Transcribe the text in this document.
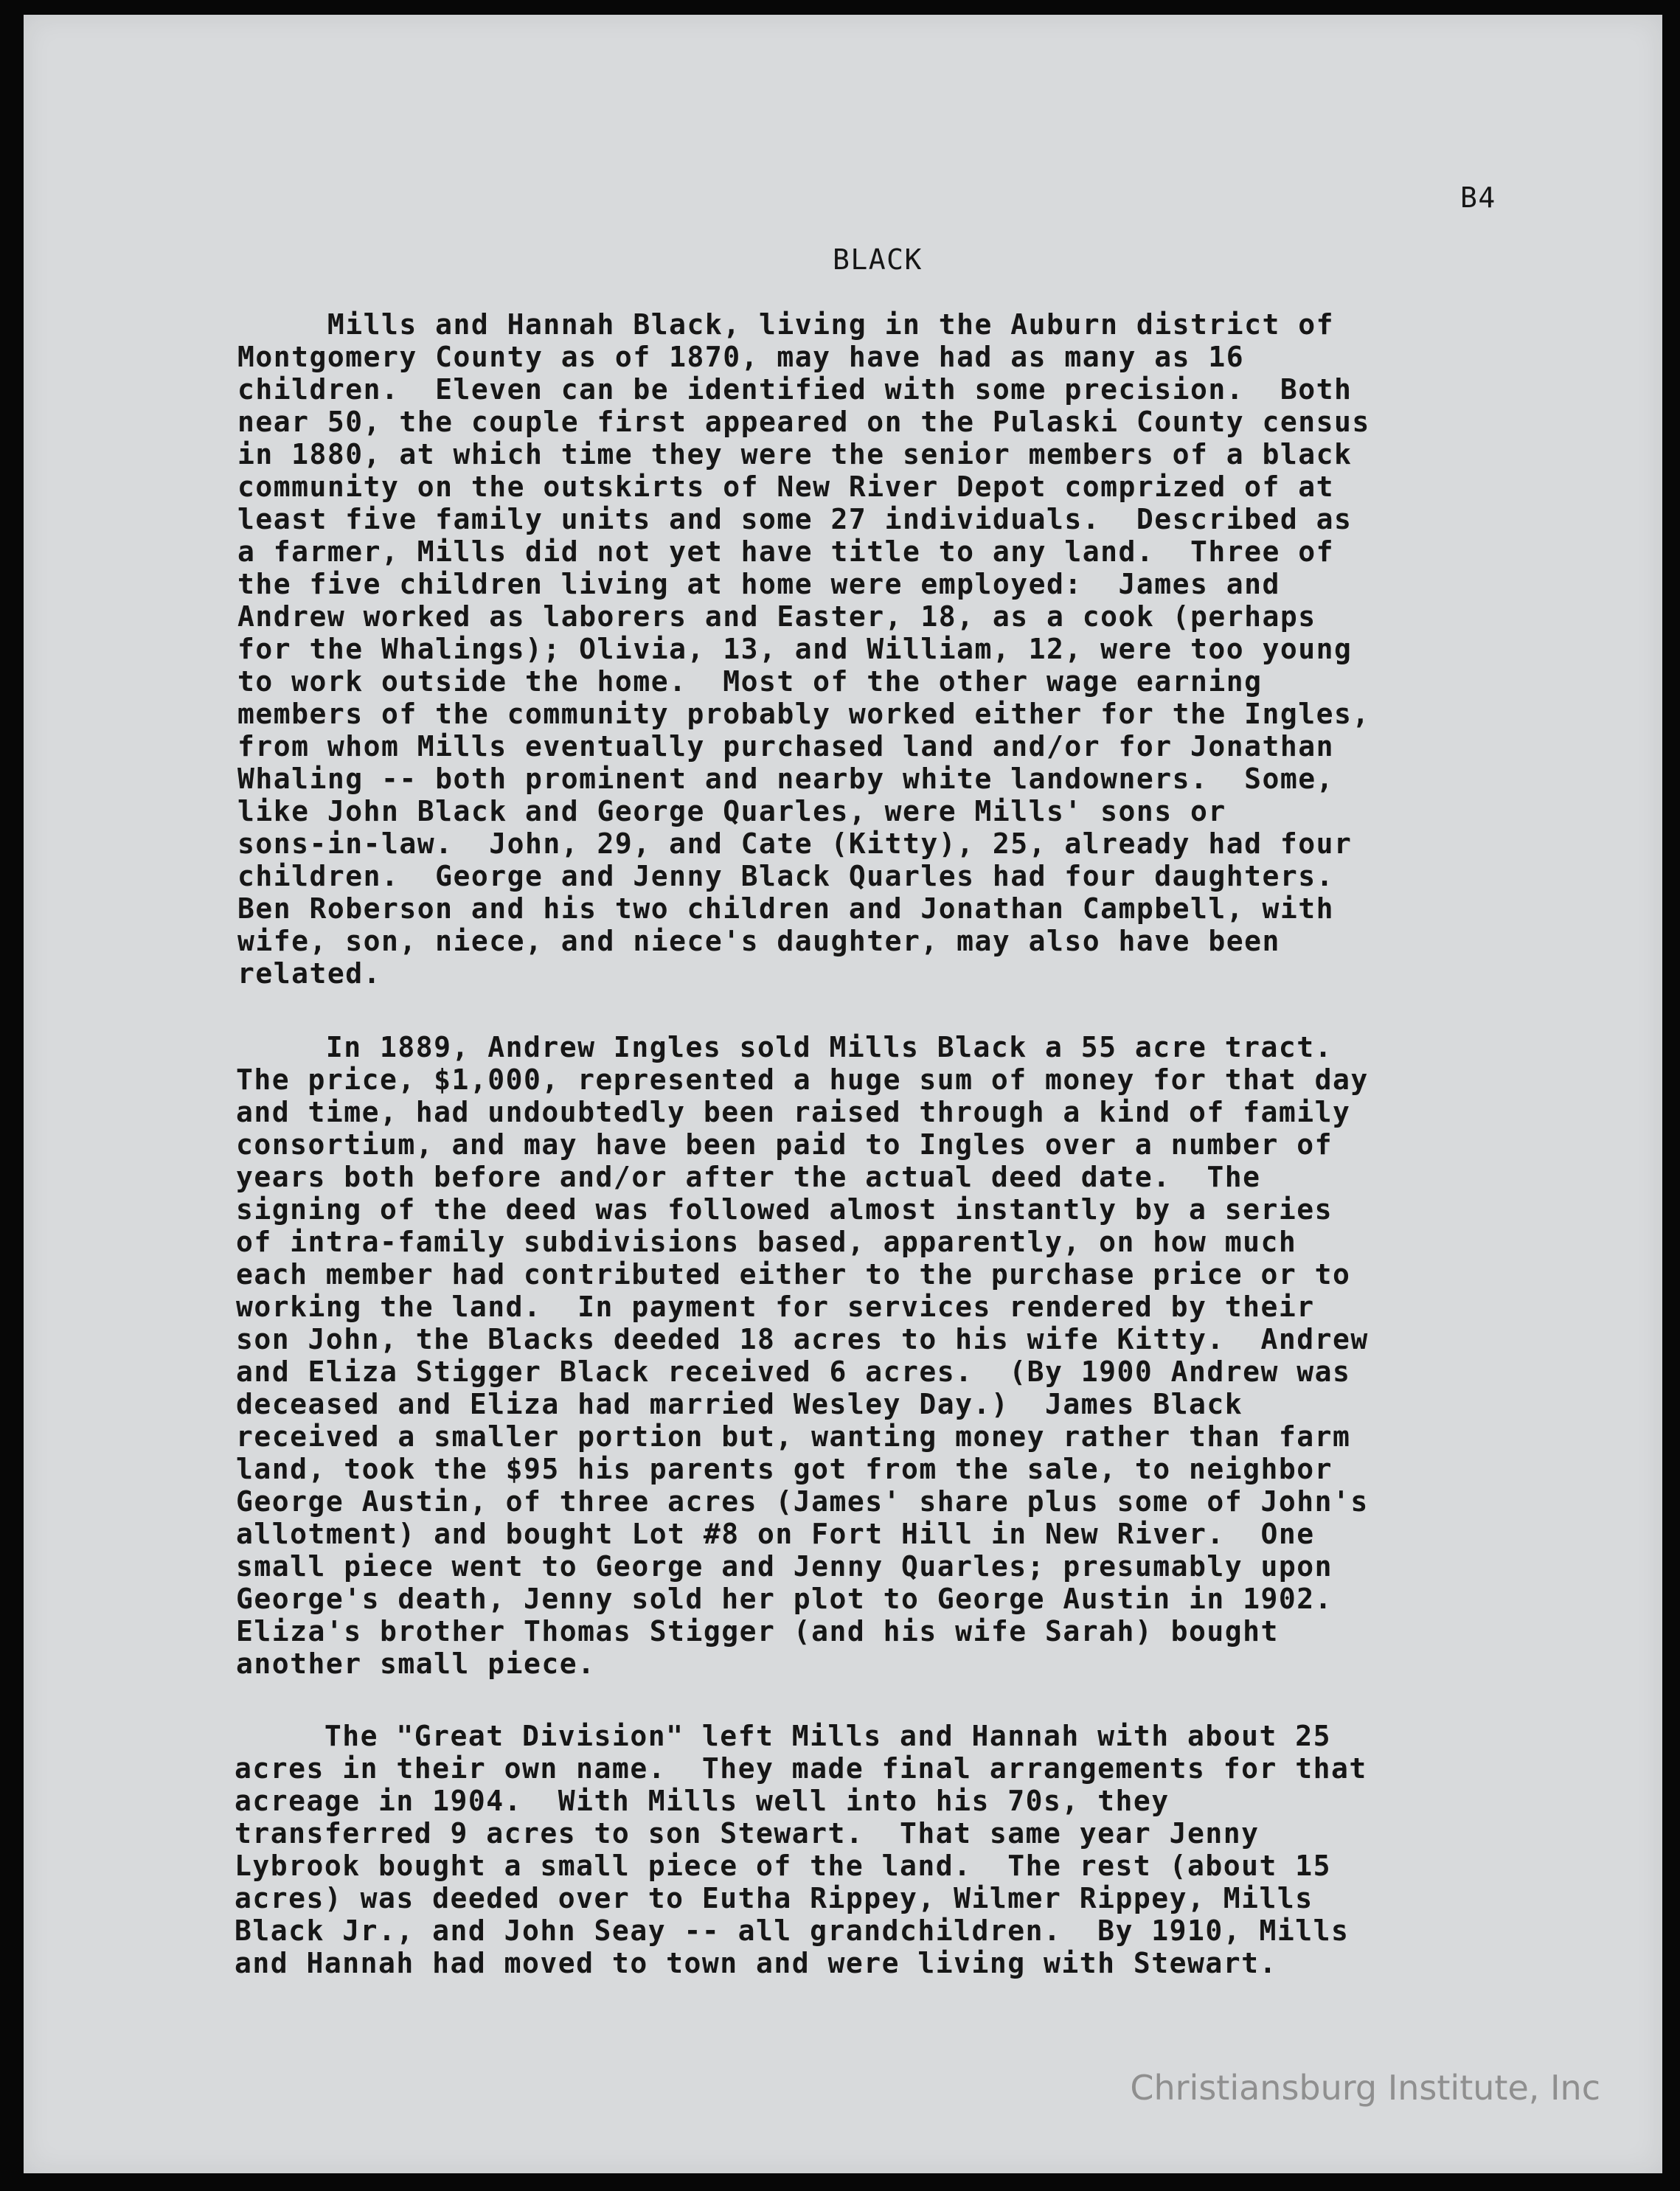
B4

BLACK

Mills and Hannah Black, living in the Auburn district of
Montgomery County as of 1870, may have had as many as 16
children.  Eleven can be identified with some precision.  Both
near 50, the couple first appeared on the Pulaski County census
in 1880, at which time they were the senior members of a black
community on the outskirts of New River Depot comprized of at
least five family units and some 27 individuals.  Described as
a farmer, Mills did not yet have title to any land.  Three of
the five children living at home were employed:  James and
Andrew worked as laborers and Easter, 18, as a cook (perhaps
for the Whalings); Olivia, 13, and William, 12, were too young
to work outside the home.  Most of the other wage earning
members of the community probably worked either for the Ingles,
from whom Mills eventually purchased land and/or for Jonathan
Whaling -- both prominent and nearby white landowners.  Some,
like John Black and George Quarles, were Mills' sons or
sons-in-law.  John, 29, and Cate (Kitty), 25, already had four
children.  George and Jenny Black Quarles had four daughters.
Ben Roberson and his two children and Jonathan Campbell, with
wife, son, niece, and niece's daughter, may also have been
related.

In 1889, Andrew Ingles sold Mills Black a 55 acre tract.
The price, $1,000, represented a huge sum of money for that day
and time, had undoubtedly been raised through a kind of family
consortium, and may have been paid to Ingles over a number of
years both before and/or after the actual deed date.  The
signing of the deed was followed almost instantly by a series
of intra-family subdivisions based, apparently, on how much
each member had contributed either to the purchase price or to
working the land.  In payment for services rendered by their
son John, the Blacks deeded 18 acres to his wife Kitty.  Andrew
and Eliza Stigger Black received 6 acres.  (By 1900 Andrew was
deceased and Eliza had married Wesley Day.)  James Black
received a smaller portion but, wanting money rather than farm
land, took the $95 his parents got from the sale, to neighbor
George Austin, of three acres (James' share plus some of John's
allotment) and bought Lot #8 on Fort Hill in New River.  One
small piece went to George and Jenny Quarles; presumably upon
George's death, Jenny sold her plot to George Austin in 1902.
Eliza's brother Thomas Stigger (and his wife Sarah) bought
another small piece.

The "Great Division" left Mills and Hannah with about 25
acres in their own name.  They made final arrangements for that
acreage in 1904.  With Mills well into his 70s, they
transferred 9 acres to son Stewart.  That same year Jenny
Lybrook bought a small piece of the land.  The rest (about 15
acres) was deeded over to Eutha Rippey, Wilmer Rippey, Mills
Black Jr., and John Seay -- all grandchildren.  By 1910, Mills
and Hannah had moved to town and were living with Stewart.

Christiansburg Institute, Inc
